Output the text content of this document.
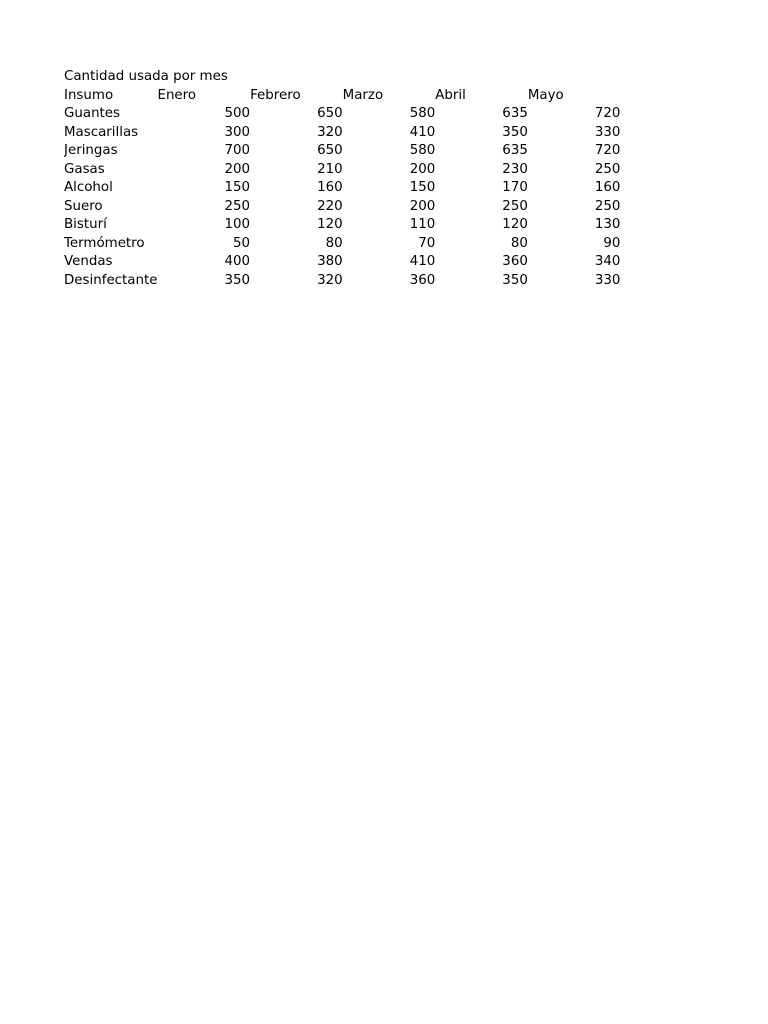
Cantidad usada por mes
Insumo	Enero	Febrero	Marzo	Abril	Mayo
Guantes	500	650	580	635	720
Mascarillas	300	320	410	350	330
Jeringas	700	650	580	635	720
Gasas	200	210	200	230	250
Alcohol	150	160	150	170	160
Suero	250	220	200	250	250
Bisturí	100	120	110	120	130
Termómetro	50	80	70	80	90
Vendas	400	380	410	360	340
Desinfectante	350	320	360	350	330
